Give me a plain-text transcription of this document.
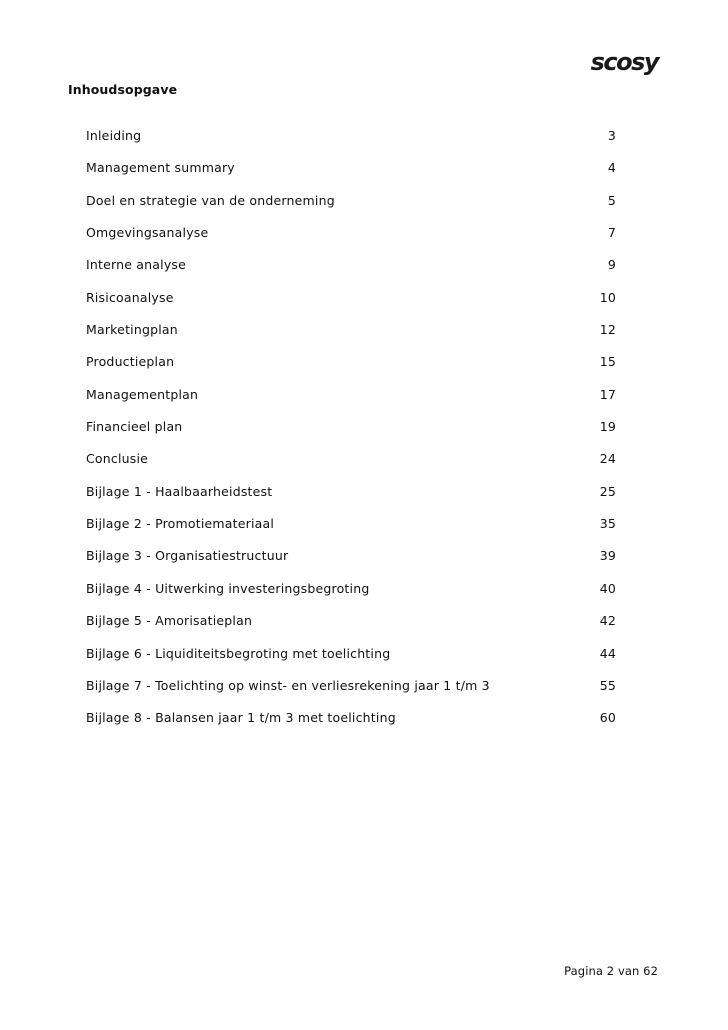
scosy
Inhoudsopgave
Inleiding	3
Management summary	4
Doel en strategie van de onderneming	5
Omgevingsanalyse	7
Interne analyse	9
Risicoanalyse	10
Marketingplan	12
Productieplan	15
Managementplan	17
Financieel plan	19
Conclusie	24
Bijlage 1 - Haalbaarheidstest	25
Bijlage 2 - Promotiemateriaal	35
Bijlage 3 - Organisatiestructuur	39
Bijlage 4 - Uitwerking investeringsbegroting	40
Bijlage 5 - Amorisatieplan	42
Bijlage 6 - Liquiditeitsbegroting met toelichting	44
Bijlage 7 - Toelichting op winst- en verliesrekening jaar 1 t/m 3	55
Bijlage 8 - Balansen jaar 1 t/m 3 met toelichting	60
Pagina 2 van 62
